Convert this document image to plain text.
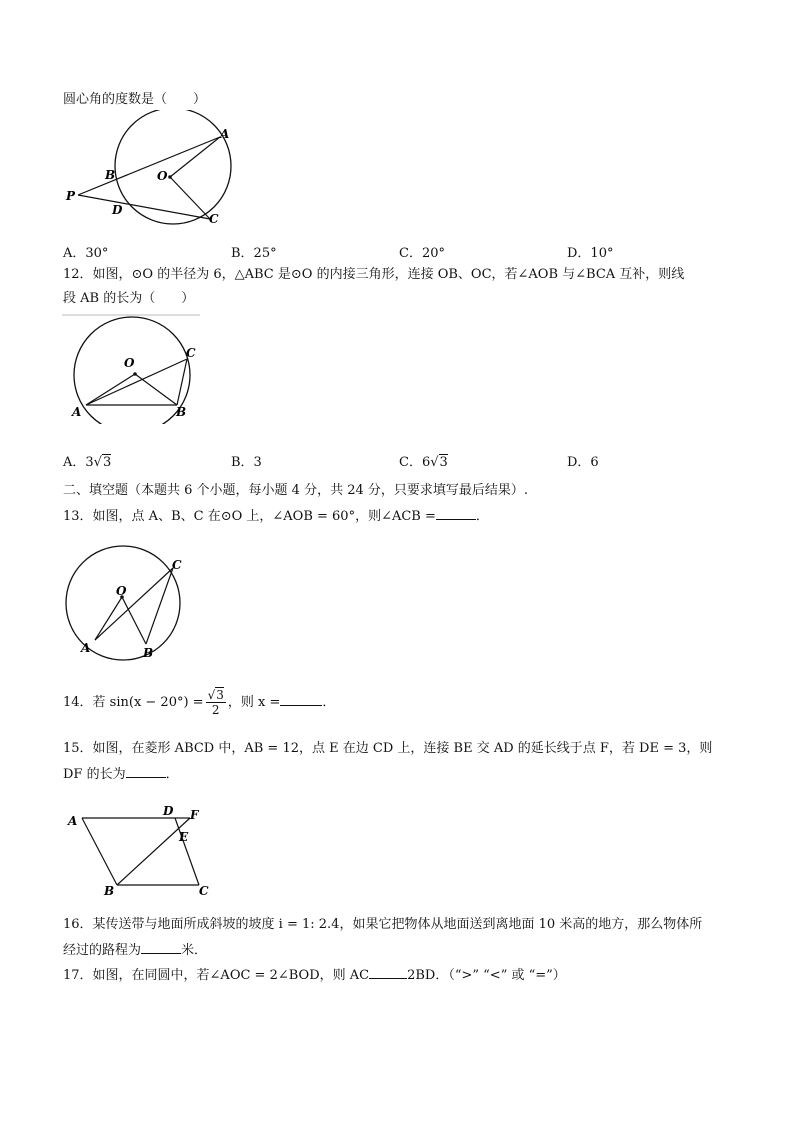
圆心角的度数是（　　）
A
B	O
P
D
C
A．30°	B．25°	C．20°	D．10°
12．如图，⊙O 的半径为 6，△ABC 是⊙O 的内接三角形，连接 OB、OC，若∠AOB 与∠BCA 互补，则线
段 AB 的长为（　　）
O
C
A	B
A．3√3	B．3	C．6√3	D．6
二、填空题（本题共 6 个小题，每小题 4 分，共 24 分，只要求填写最后结果）.
13．如图，点 A、B、C 在⊙O 上，∠AOB = 60°，则∠ACB =	．
O
C
A	B
14．若 $\sin(x - 20^\circ) = \frac{√3}{2}$ ，则 x =	．
15．如图，在菱形 ABCD 中，AB = 12，点 E 在边 CD 上，连接 BE 交 AD 的延长线于点 F，若 DE = 3，则
DF 的长为	．
A
D F
E
B	C
16．某传送带与地面所成斜坡的坡度 i = 1: 2.4，如果它把物体从地面送到离地面 10 米高的地方，那么物体所
经过的路程为	米．
17．如图，在同圆中，若∠AOC = 2∠BOD，则 AC	2BD．（“>” “<” 或 “=”）
